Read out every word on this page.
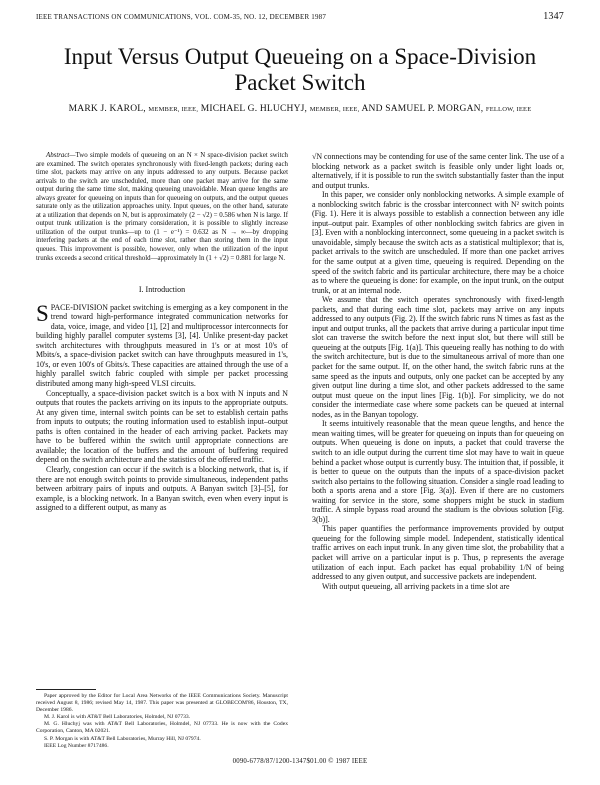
IEEE TRANSACTIONS ON COMMUNICATIONS, VOL. COM-35, NO. 12, DECEMBER 1987	1347
Input Versus Output Queueing on a Space-Division Packet Switch
MARK J. KAROL, MEMBER, IEEE, MICHAEL G. HLUCHYJ, MEMBER, IEEE, AND SAMUEL P. MORGAN, FELLOW, IEEE

Abstract—Two simple models of queueing on an N × N space-division packet switch are examined. The switch operates synchronously with fixed-length packets; during each time slot, packets may arrive on any inputs addressed to any outputs. Because packet arrivals to the switch are unscheduled, more than one packet may arrive for the same output during the same time slot, making queueing unavoidable. Mean queue lengths are always greater for queueing on inputs than for queueing on outputs, and the output queues saturate only as the utilization approaches unity. Input queues, on the other hand, saturate at a utilization that depends on N, but is approximately (2 − √2) = 0.586 when N is large. If output trunk utilization is the primary consideration, it is possible to slightly increase utilization of the output trunks—up to (1 − e⁻¹) = 0.632 as N → ∞—by dropping interfering packets at the end of each time slot, rather than storing them in the input queues. This improvement is possible, however, only when the utilization of the input trunks exceeds a second critical threshold—approximately ln (1 + √2) = 0.881 for large N.

I. Introduction

SPACE-DIVISION packet switching is emerging as a key component in the trend toward high-performance integrated communication networks for data, voice, image, and video [1], [2] and multiprocessor interconnects for building highly parallel computer systems [3], [4]. Unlike present-day packet switch architectures with throughputs measured in 1's or at most 10's of Mbits/s, a space-division packet switch can have throughputs measured in 1's, 10's, or even 100's of Gbits/s. These capacities are attained through the use of a highly parallel switch fabric coupled with simple per packet processing distributed among many high-speed VLSI circuits.

Conceptually, a space-division packet switch is a box with N inputs and N outputs that routes the packets arriving on its inputs to the appropriate outputs. At any given time, internal switch points can be set to establish certain paths from inputs to outputs; the routing information used to establish input–output paths is often contained in the header of each arriving packet. Packets may have to be buffered within the switch until appropriate connections are available; the location of the buffers and the amount of buffering required depend on the switch architecture and the statistics of the offered traffic.

Clearly, congestion can occur if the switch is a blocking network, that is, if there are not enough switch points to provide simultaneous, independent paths between arbitrary pairs of inputs and outputs. A Banyan switch [3]–[5], for example, is a blocking network. In a Banyan switch, even when every input is assigned to a different output, as many as

Paper approved by the Editor for Local Area Networks of the IEEE Communications Society. Manuscript received August 8, 1986; revised May 14, 1987. This paper was presented at GLOBECOM'86, Houston, TX, December 1986.

M. J. Karol is with AT&T Bell Laboratories, Holmdel, NJ 07733.

M. G. Hluchyj was with AT&T Bell Laboratories, Holmdel, NJ 07733. He is now with the Codex Corporation, Canton, MA 02021.

S. P. Morgan is with AT&T Bell Laboratories, Murray Hill, NJ 07974.

IEEE Log Number 8717486.

√N connections may be contending for use of the same center link. The use of a blocking network as a packet switch is feasible only under light loads or, alternatively, if it is possible to run the switch substantially faster than the input and output trunks.

In this paper, we consider only nonblocking networks. A simple example of a nonblocking switch fabric is the crossbar interconnect with N² switch points (Fig. 1). Here it is always possible to establish a connection between any idle input–output pair. Examples of other nonblocking switch fabrics are given in [3]. Even with a nonblocking interconnect, some queueing in a packet switch is unavoidable, simply because the switch acts as a statistical multiplexor; that is, packet arrivals to the switch are unscheduled. If more than one packet arrives for the same output at a given time, queueing is required. Depending on the speed of the switch fabric and its particular architecture, there may be a choice as to where the queueing is done: for example, on the input trunk, on the output trunk, or at an internal node.

We assume that the switch operates synchronously with fixed-length packets, and that during each time slot, packets may arrive on any inputs addressed to any outputs (Fig. 2). If the switch fabric runs N times as fast as the input and output trunks, all the packets that arrive during a particular input time slot can traverse the switch before the next input slot, but there will still be queueing at the outputs [Fig. 1(a)]. This queueing really has nothing to do with the switch architecture, but is due to the simultaneous arrival of more than one packet for the same output. If, on the other hand, the switch fabric runs at the same speed as the inputs and outputs, only one packet can be accepted by any given output line during a time slot, and other packets addressed to the same output must queue on the input lines [Fig. 1(b)]. For simplicity, we do not consider the intermediate case where some packets can be queued at internal nodes, as in the Banyan topology.

It seems intuitively reasonable that the mean queue lengths, and hence the mean waiting times, will be greater for queueing on inputs than for queueing on outputs. When queueing is done on inputs, a packet that could traverse the switch to an idle output during the current time slot may have to wait in queue behind a packet whose output is currently busy. The intuition that, if possible, it is better to queue on the outputs than the inputs of a space-division packet switch also pertains to the following situation. Consider a single road leading to both a sports arena and a store [Fig. 3(a)]. Even if there are no customers waiting for service in the store, some shoppers might be stuck in stadium traffic. A simple bypass road around the stadium is the obvious solution [Fig. 3(b)].

This paper quantifies the performance improvements provided by output queueing for the following simple model. Independent, statistically identical traffic arrives on each input trunk. In any given time slot, the probability that a packet will arrive on a particular input is p. Thus, p represents the average utilization of each input. Each packet has equal probability 1/N of being addressed to any given output, and successive packets are independent.

With output queueing, all arriving packets in a time slot are

0090-6778/87/1200-1347$01.00 © 1987 IEEE
